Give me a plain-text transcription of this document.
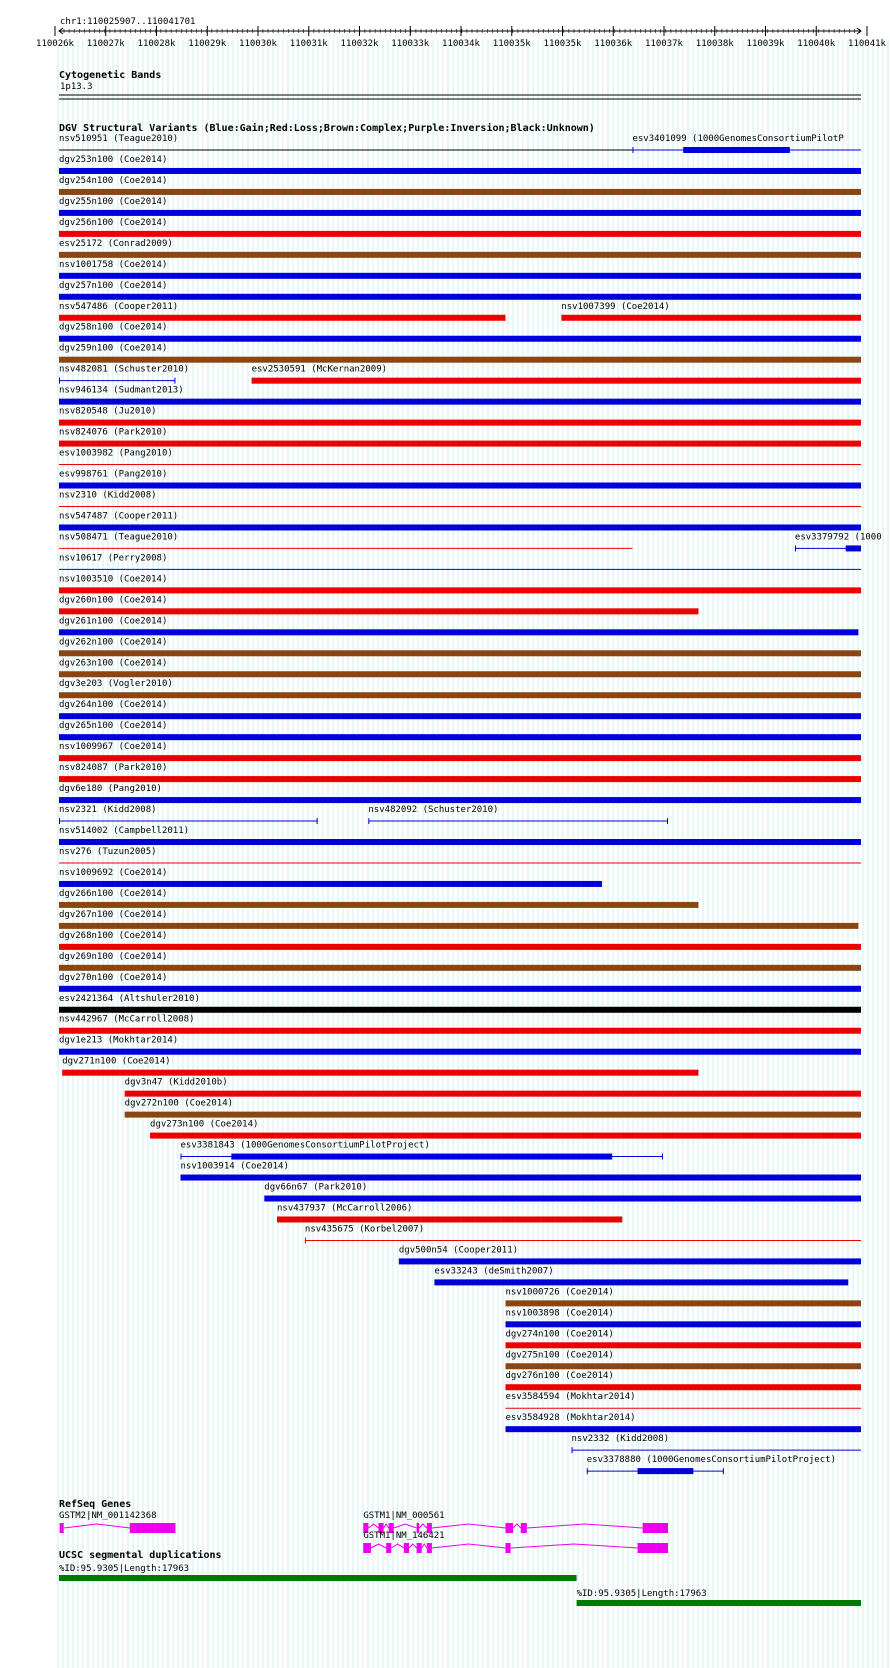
chr1:110025907..110041701
Cytogenetic Bands
1p13.3
DGV Structural Variants (Blue:Gain;Red:Loss;Brown:Complex;Purple:Inversion;Black:Unknown)
RefSeq Genes
UCSC segmental duplications
110026k 110027k 110028k 110029k 110030k 110031k 110032k 110033k 110034k 110035k 110035k 110036k 110037k 110038k 110039k 110040k 110041k
nsv510951 (Teague2010)	esv3401099 (1000GenomesConsortiumPilotP
dgv253n100 (Coe2014)
dgv254n100 (Coe2014)
dgv255n100 (Coe2014)
dgv256n100 (Coe2014)
esv25172 (Conrad2009)
nsv1001758 (Coe2014)
dgv257n100 (Coe2014)
nsv547486 (Cooper2011)	nsv1007399 (Coe2014)
dgv258n100 (Coe2014)
dgv259n100 (Coe2014)
nsv482081 (Schuster2010)	esv2530591 (McKernan2009)
nsv946134 (Sudmant2013)
nsv820548 (Ju2010)
nsv824076 (Park2010)
esv1003982 (Pang2010)
esv998761 (Pang2010)
nsv2310 (Kidd2008)
nsv547487 (Cooper2011)
nsv508471 (Teague2010)	esv3379792 (1000
nsv10617 (Perry2008)
nsv1003510 (Coe2014)
dgv260n100 (Coe2014)
dgv261n100 (Coe2014)
dgv262n100 (Coe2014)
dgv263n100 (Coe2014)
dgv3e203 (Vogler2010)
dgv264n100 (Coe2014)
dgv265n100 (Coe2014)
nsv1009967 (Coe2014)
nsv824087 (Park2010)
dgv6e180 (Pang2010)
nsv2321 (Kidd2008)	nsv482092 (Schuster2010)
nsv514002 (Campbell2011)
nsv276 (Tuzun2005)
nsv1009692 (Coe2014)
dgv266n100 (Coe2014)
dgv267n100 (Coe2014)
dgv268n100 (Coe2014)
dgv269n100 (Coe2014)
dgv270n100 (Coe2014)
esv2421364 (Altshuler2010)
nsv442967 (McCarroll2008)
dgv1e213 (Mokhtar2014)
dgv271n100 (Coe2014)
dgv3n47 (Kidd2010b)
dgv272n100 (Coe2014)
dgv273n100 (Coe2014)
esv3381843 (1000GenomesConsortiumPilotProject)
nsv1003914 (Coe2014)
dgv66n67 (Park2010)
nsv437937 (McCarroll2006)
nsv435675 (Korbel2007)
dgv500n54 (Cooper2011)
esv33243 (deSmith2007)
nsv1000726 (Coe2014)
nsv1003898 (Coe2014)
dgv274n100 (Coe2014)
dgv275n100 (Coe2014)
dgv276n100 (Coe2014)
esv3584594 (Mokhtar2014)
esv3584928 (Mokhtar2014)
nsv2332 (Kidd2008)
esv3378880 (1000GenomesConsortiumPilotProject)
GSTM2|NM_001142368	GSTM1|NM_000561
GSTM1|NM_146421
%ID:95.9305|Length:17963
%ID:95.9305|Length:17963
